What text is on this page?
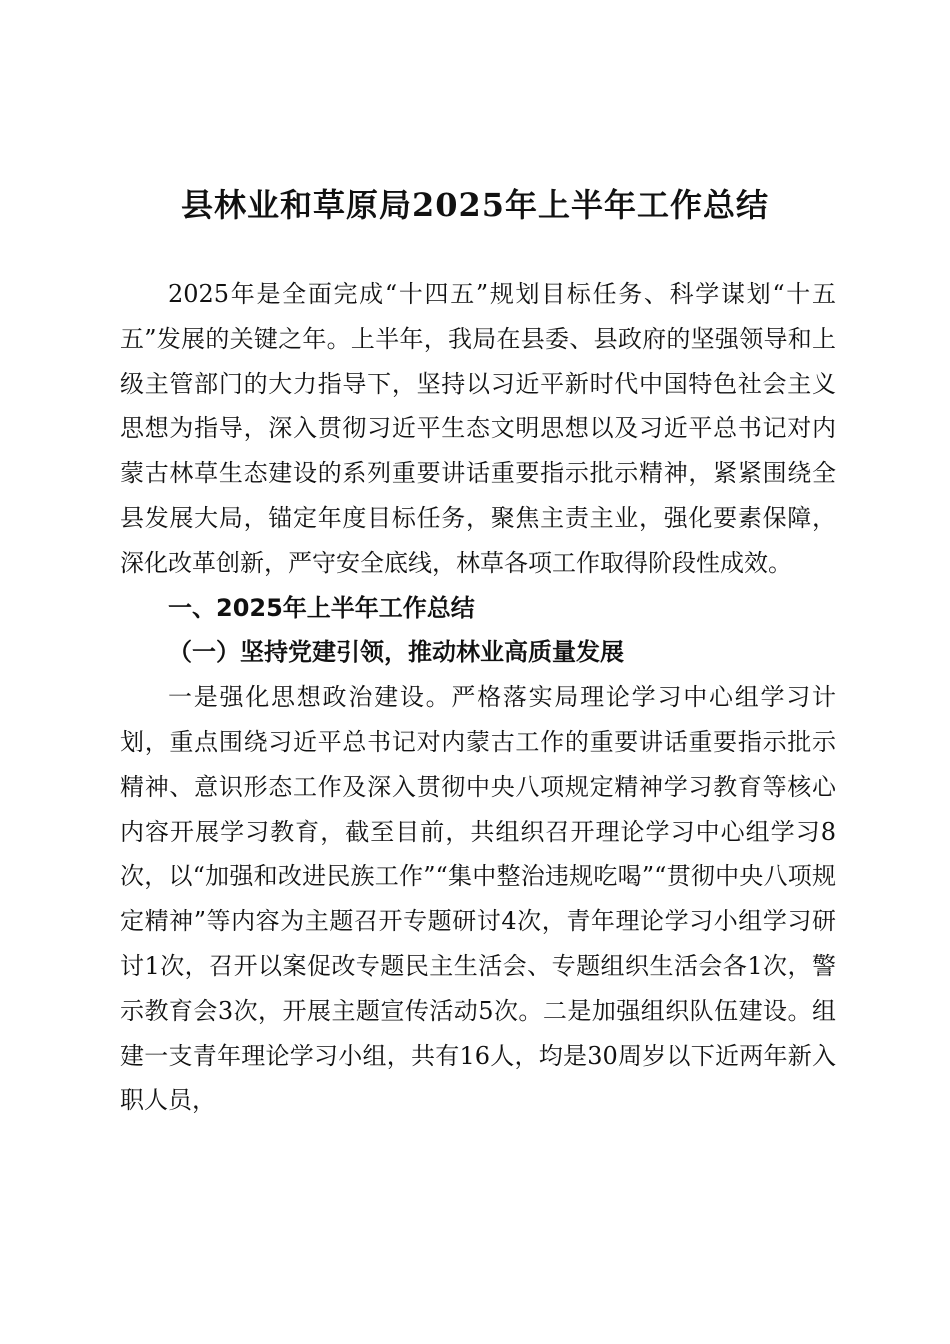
县林业和草原局2025年上半年工作总结

2025年是全面完成“十四五”规划目标任务、科学谋划“十五五”发展的关键之年。上半年，我局在县委、县政府的坚强领导和上级主管部门的大力指导下，坚持以习近平新时代中国特色社会主义思想为指导，深入贯彻习近平生态文明思想以及习近平总书记对内蒙古林草生态建设的系列重要讲话重要指示批示精神，紧紧围绕全县发展大局，锚定年度目标任务，聚焦主责主业，强化要素保障，深化改革创新，严守安全底线，林草各项工作取得阶段性成效。

一、2025年上半年工作总结

（一）坚持党建引领，推动林业高质量发展

一是强化思想政治建设。严格落实局理论学习中心组学习计划，重点围绕习近平总书记对内蒙古工作的重要讲话重要指示批示精神、意识形态工作及深入贯彻中央八项规定精神学习教育等核心内容开展学习教育，截至目前，共组织召开理论学习中心组学习8次，以“加强和改进民族工作”“集中整治违规吃喝”“贯彻中央八项规定精神”等内容为主题召开专题研讨4次，青年理论学习小组学习研讨1次，召开以案促改专题民主生活会、专题组织生活会各1次，警示教育会3次，开展主题宣传活动5次。二是加强组织队伍建设。组建一支青年理论学习小组，共有16人，均是30周岁以下近两年新入职人员，
